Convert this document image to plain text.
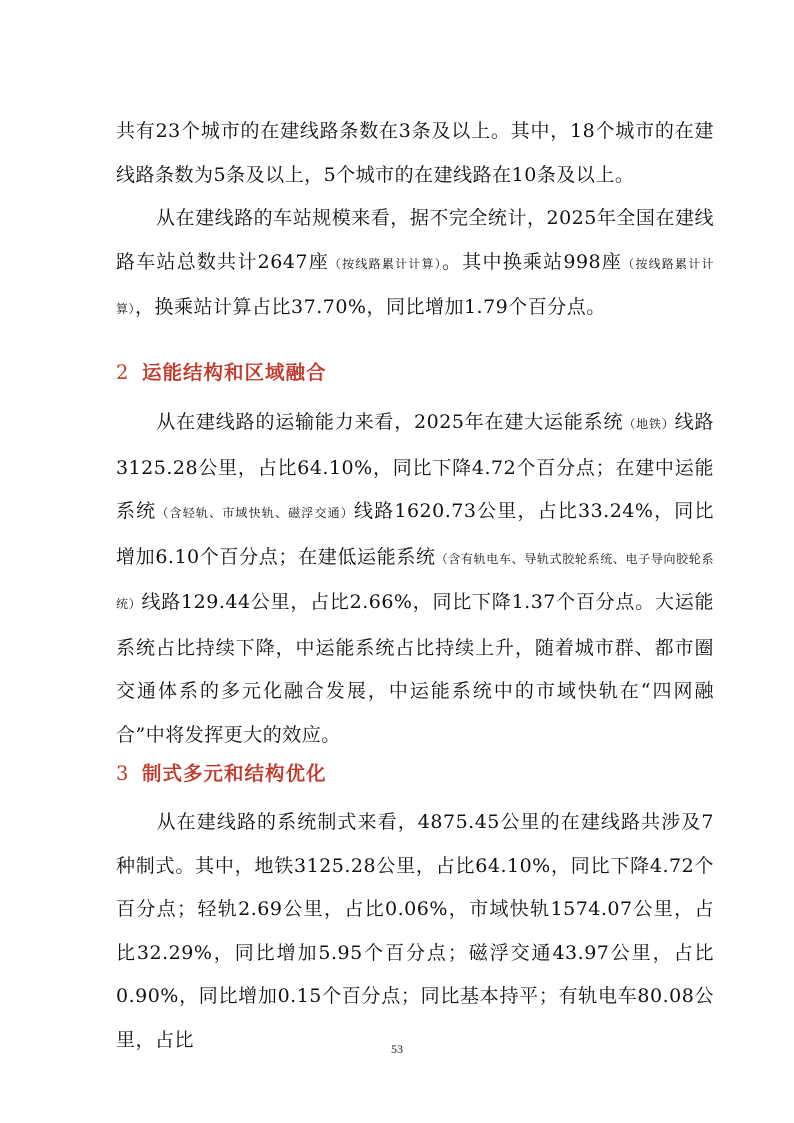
共有23个城市的在建线路条数在3条及以上。其中，18个城市的在建线路条数为5条及以上，5个城市的在建线路在10条及以上。

从在建线路的车站规模来看，据不完全统计，2025年全国在建线路车站总数共计2647座（按线路累计计算）。其中换乘站998座（按线路累计计算），换乘站计算占比37.70%，同比增加1.79个百分点。

2 运能结构和区域融合

从在建线路的运输能力来看，2025年在建大运能系统（地铁）线路3125.28公里，占比64.10%，同比下降4.72个百分点；在建中运能系统（含轻轨、市域快轨、磁浮交通）线路1620.73公里，占比33.24%，同比增加6.10个百分点；在建低运能系统（含有轨电车、导轨式胶轮系统、电子导向胶轮系统）线路129.44公里，占比2.66%，同比下降1.37个百分点。大运能系统占比持续下降，中运能系统占比持续上升，随着城市群、都市圈交通体系的多元化融合发展，中运能系统中的市域快轨在“四网融合”中将发挥更大的效应。

3 制式多元和结构优化

从在建线路的系统制式来看，4875.45公里的在建线路共涉及7种制式。其中，地铁3125.28公里，占比64.10%，同比下降4.72个百分点；轻轨2.69公里，占比0.06%，市域快轨1574.07公里，占比32.29%，同比增加5.95个百分点；磁浮交通43.97公里，占比0.90%，同比增加0.15个百分点；同比基本持平；有轨电车80.08公里，占比	53
